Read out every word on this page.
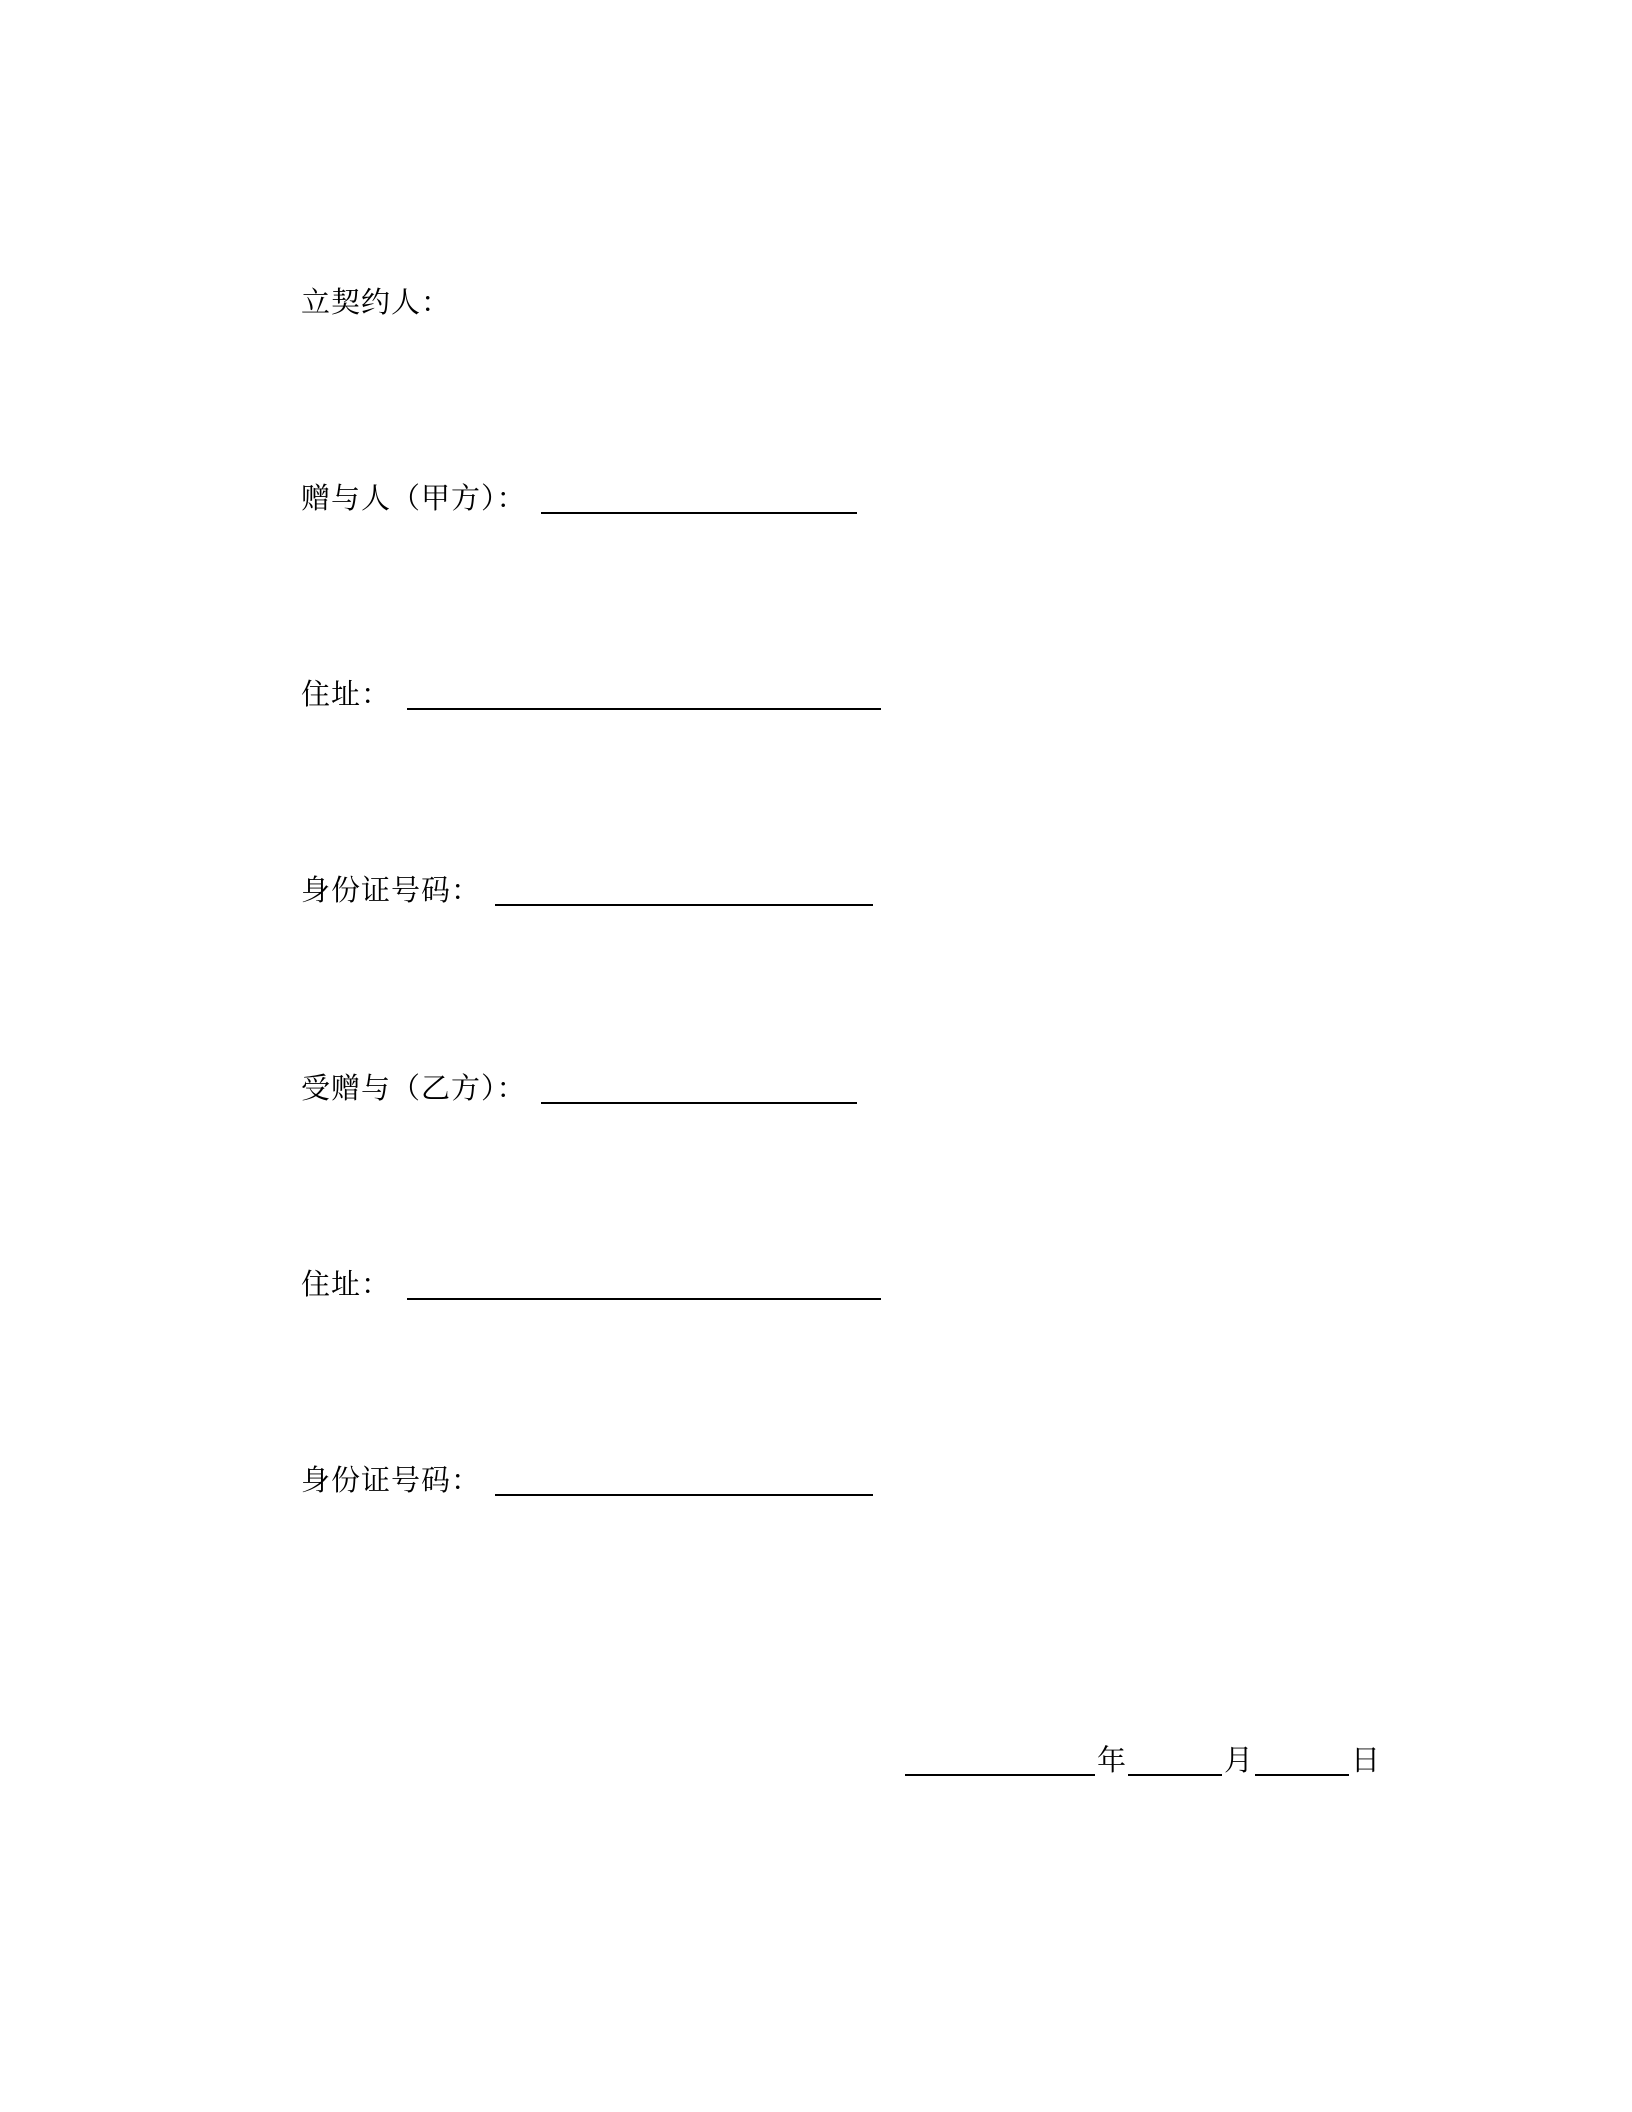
立契约人：
赠与人（甲方）：
住址：
身份证号码：
受赠与（乙方）：
住址：
身份证号码：
年	月	日
